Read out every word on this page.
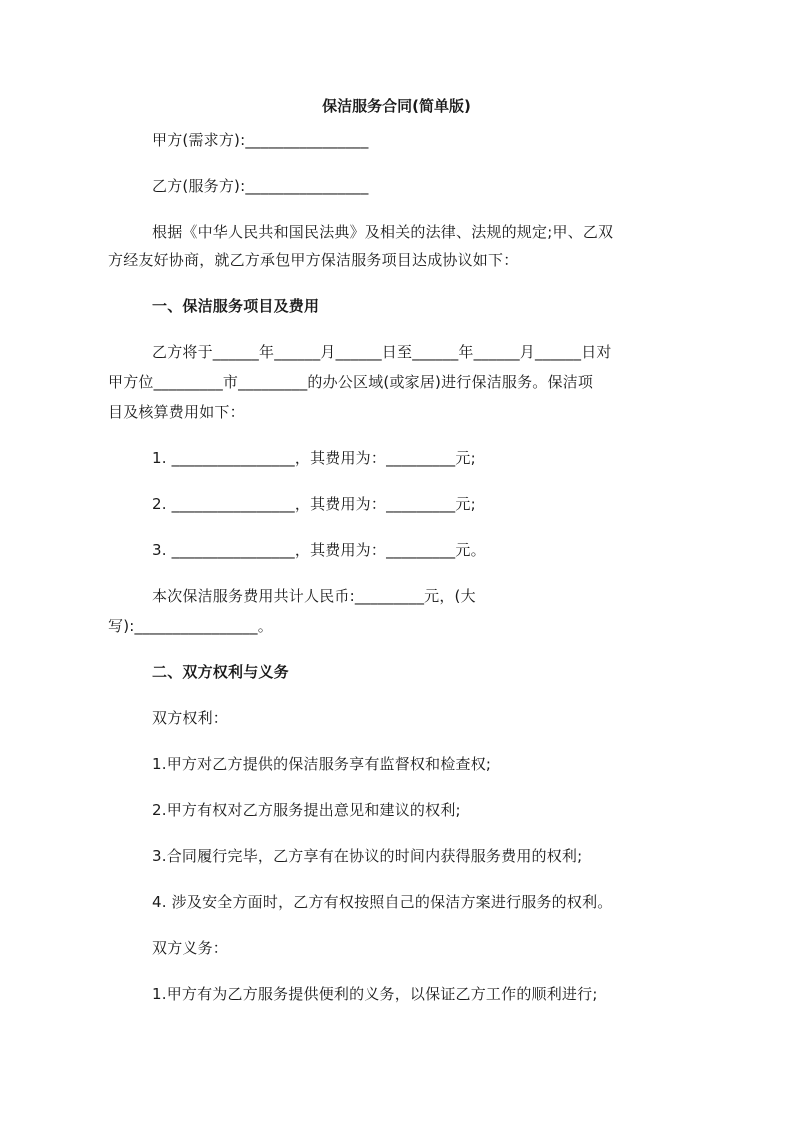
保洁服务合同(简单版)
甲方(需求方):________________
乙方(服务方):________________
根据《中华人民共和国民法典》及相关的法律、法规的规定;甲、乙双
方经友好协商，就乙方承包甲方保洁服务项目达成协议如下：
一、保洁服务项目及费用
乙方将于______年______月______日至______年______月______日对
甲方位_________市_________的办公区域(或家居)进行保洁服务。保洁项
目及核算费用如下：
1. ________________，其费用为：_________元;
2. ________________，其费用为：_________元;
3. ________________，其费用为：_________元。
本次保洁服务费用共计人民币:_________元，(大
写):________________。
二、双方权利与义务
双方权利：
1.甲方对乙方提供的保洁服务享有监督权和检查权;
2.甲方有权对乙方服务提出意见和建议的权利;
3.合同履行完毕，乙方享有在协议的时间内获得服务费用的权利;
4. 涉及安全方面时，乙方有权按照自己的保洁方案进行服务的权利。
双方义务：
1.甲方有为乙方服务提供便利的义务，以保证乙方工作的顺利进行;
